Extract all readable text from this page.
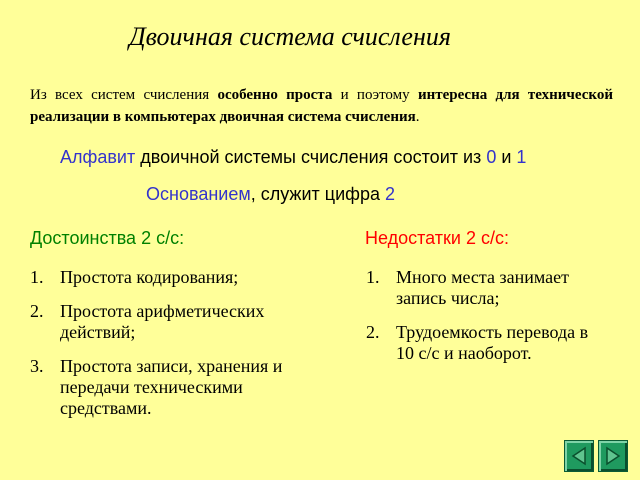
Двоичная система счисления
Из всех систем счисления особенно проста и поэтому интересна для технической реализации в компьютерах двоичная система счисления.
Алфавит двоичной системы счисления состоит из 0 и 1
Основанием, служит цифра 2
Достоинства 2 с/с:
1. Простота кодирования;
2. Простота арифметических действий;
3. Простота записи, хранения и передачи техническими средствами.
Недостатки 2 с/с:
1. Много места занимает запись числа;
2. Трудоемкость перевода в 10 с/с и наоборот.
